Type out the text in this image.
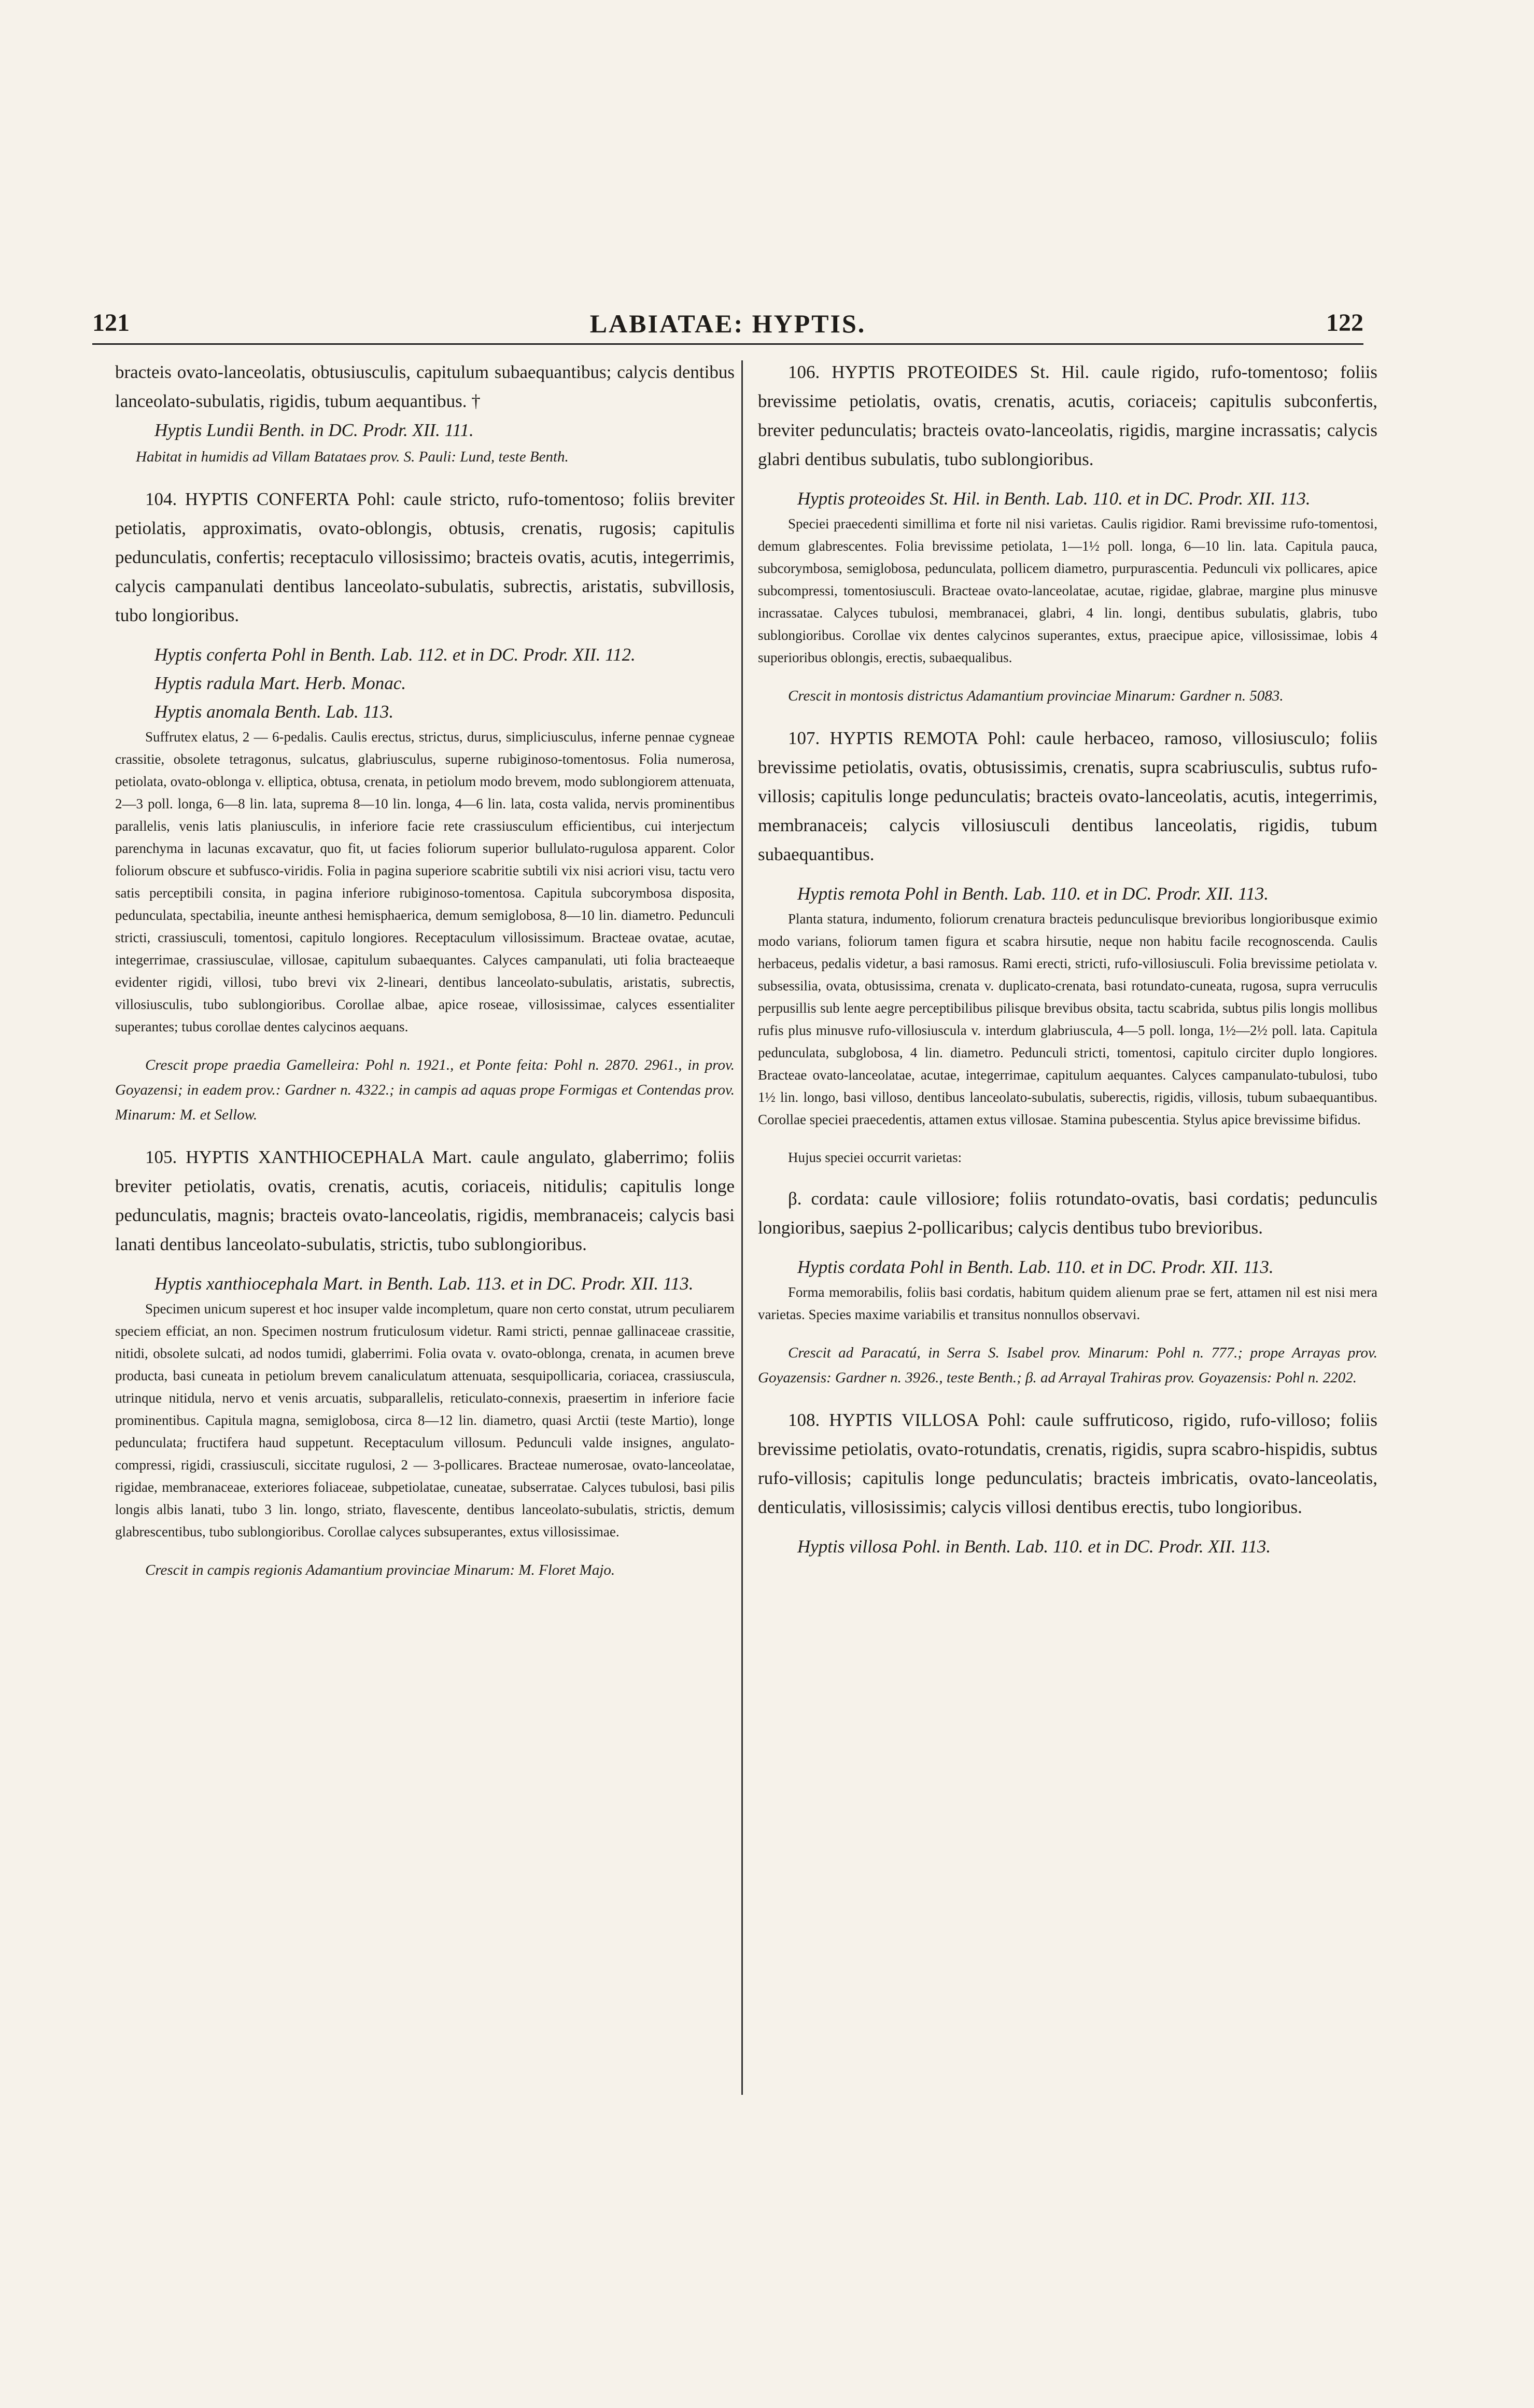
121	LABIATAE: HYPTIS.	122

bracteis ovato-lanceolatis, obtusiusculis, capitulum subaequantibus; calycis dentibus lanceolato-subulatis, rigidis, tubum aequantibus. †

Hyptis Lundii Benth. in DC. Prodr. XII. 111.

Habitat in humidis ad Villam Batataes prov. S. Pauli: Lund, teste Benth.

104. HYPTIS CONFERTA Pohl: caule stricto, rufo-tomentoso; foliis breviter petiolatis, approximatis, ovato-oblongis, obtusis, crenatis, rugosis; capitulis pedunculatis, confertis; receptaculo villosissimo; bracteis ovatis, acutis, integerrimis, calycis campanulati dentibus lanceolato-subulatis, subrectis, aristatis, subvillosis, tubo longioribus.

Hyptis conferta Pohl in Benth. Lab. 112. et in DC. Prodr. XII. 112.

Hyptis radula Mart. Herb. Monac.

Hyptis anomala Benth. Lab. 113.

Suffrutex elatus, 2 — 6-pedalis. Caulis erectus, strictus, durus, simpliciusculus, inferne pennae cygneae crassitie, obsolete tetragonus, sulcatus, glabriusculus, superne rubiginoso-tomentosus. Folia numerosa, petiolata, ovato-oblonga v. elliptica, obtusa, crenata, in petiolum modo brevem, modo sublongiorem attenuata, 2—3 poll. longa, 6—8 lin. lata, suprema 8—10 lin. longa, 4—6 lin. lata, costa valida, nervis prominentibus parallelis, venis latis planiusculis, in inferiore facie rete crassiusculum efficientibus, cui interjectum parenchyma in lacunas excavatur, quo fit, ut facies foliorum superior bullulato-rugulosa apparent. Color foliorum obscure et subfusco-viridis. Folia in pagina superiore scabritie subtili vix nisi acriori visu, tactu vero satis perceptibili consita, in pagina inferiore rubiginoso-tomentosa. Capitula subcorymbosa disposita, pedunculata, spectabilia, ineunte anthesi hemisphaerica, demum semiglobosa, 8—10 lin. diametro. Pedunculi stricti, crassiusculi, tomentosi, capitulo longiores. Receptaculum villosissimum. Bracteae ovatae, acutae, integerrimae, crassiusculae, villosae, capitulum subaequantes. Calyces campanulati, uti folia bracteaeque evidenter rigidi, villosi, tubo brevi vix 2-lineari, dentibus lanceolato-subulatis, aristatis, subrectis, villosiusculis, tubo sublongioribus. Corollae albae, apice roseae, villosissimae, calyces essentialiter superantes; tubus corollae dentes calycinos aequans.

Crescit prope praedia Gamelleira: Pohl n. 1921., et Ponte feita: Pohl n. 2870. 2961., in prov. Goyazensi; in eadem prov.: Gardner n. 4322.; in campis ad aquas prope Formigas et Contendas prov. Minarum: M. et Sellow.

105. HYPTIS XANTHIOCEPHALA Mart. caule angulato, glaberrimo; foliis breviter petiolatis, ovatis, crenatis, acutis, coriaceis, nitidulis; capitulis longe pedunculatis, magnis; bracteis ovato-lanceolatis, rigidis, membranaceis; calycis basi lanati dentibus lanceolato-subulatis, strictis, tubo sublongioribus.

Hyptis xanthiocephala Mart. in Benth. Lab. 113. et in DC. Prodr. XII. 113.

Specimen unicum superest et hoc insuper valde incompletum, quare non certo constat, utrum peculiarem speciem efficiat, an non. Specimen nostrum fruticulosum videtur. Rami stricti, pennae gallinaceae crassitie, nitidi, obsolete sulcati, ad nodos tumidi, glaberrimi. Folia ovata v. ovato-oblonga, crenata, in acumen breve producta, basi cuneata in petiolum brevem canaliculatum attenuata, sesquipollicaria, coriacea, crassiuscula, utrinque nitidula, nervo et venis arcuatis, subparallelis, reticulato-connexis, praesertim in inferiore facie prominentibus. Capitula magna, semiglobosa, circa 8—12 lin. diametro, quasi Arctii (teste Martio), longe pedunculata; fructifera haud suppetunt. Receptaculum villosum. Pedunculi valde insignes, angulato-compressi, rigidi, crassiusculi, siccitate rugulosi, 2 — 3-pollicares. Bracteae numerosae, ovato-lanceolatae, rigidae, membranaceae, exteriores foliaceae, subpetiolatae, cuneatae, subserratae. Calyces tubulosi, basi pilis longis albis lanati, tubo 3 lin. longo, striato, flavescente, dentibus lanceolato-subulatis, strictis, demum glabrescentibus, tubo sublongioribus. Corollae calyces subsuperantes, extus villosissimae.

Crescit in campis regionis Adamantium provinciae Minarum: M. Floret Majo.

106. HYPTIS PROTEOIDES St. Hil. caule rigido, rufo-tomentoso; foliis brevissime petiolatis, ovatis, crenatis, acutis, coriaceis; capitulis subconfertis, breviter pedunculatis; bracteis ovato-lanceolatis, rigidis, margine incrassatis; calycis glabri dentibus subulatis, tubo sublongioribus.

Hyptis proteoides St. Hil. in Benth. Lab. 110. et in DC. Prodr. XII. 113.

Speciei praecedenti simillima et forte nil nisi varietas. Caulis rigidior. Rami brevissime rufo-tomentosi, demum glabrescentes. Folia brevissime petiolata, 1—1½ poll. longa, 6—10 lin. lata. Capitula pauca, subcorymbosa, semiglobosa, pedunculata, pollicem diametro, purpurascentia. Pedunculi vix pollicares, apice subcompressi, tomentosiusculi. Bracteae ovato-lanceolatae, acutae, rigidae, glabrae, margine plus minusve incrassatae. Calyces tubulosi, membranacei, glabri, 4 lin. longi, dentibus subulatis, glabris, tubo sublongioribus. Corollae vix dentes calycinos superantes, extus, praecipue apice, villosissimae, lobis 4 superioribus oblongis, erectis, subaequalibus.

Crescit in montosis districtus Adamantium provinciae Minarum: Gardner n. 5083.

107. HYPTIS REMOTA Pohl: caule herbaceo, ramoso, villosiusculo; foliis brevissime petiolatis, ovatis, obtusissimis, crenatis, supra scabriusculis, subtus rufo-villosis; capitulis longe pedunculatis; bracteis ovato-lanceolatis, acutis, integerrimis, membranaceis; calycis villosiusculi dentibus lanceolatis, rigidis, tubum subaequantibus.

Hyptis remota Pohl in Benth. Lab. 110. et in DC. Prodr. XII. 113.

Planta statura, indumento, foliorum crenatura bracteis pedunculisque brevioribus longioribusque eximio modo varians, foliorum tamen figura et scabra hirsutie, neque non habitu facile recognoscenda. Caulis herbaceus, pedalis videtur, a basi ramosus. Rami erecti, stricti, rufo-villosiusculi. Folia brevissime petiolata v. subsessilia, ovata, obtusissima, crenata v. duplicato-crenata, basi rotundato-cuneata, rugosa, supra verruculis perpusillis sub lente aegre perceptibilibus pilisque brevibus obsita, tactu scabrida, subtus pilis longis mollibus rufis plus minusve rufo-villosiuscula v. interdum glabriuscula, 4—5 poll. longa, 1½—2½ poll. lata. Capitula pedunculata, subglobosa, 4 lin. diametro. Pedunculi stricti, tomentosi, capitulo circiter duplo longiores. Bracteae ovato-lanceolatae, acutae, integerrimae, capitulum aequantes. Calyces campanulato-tubulosi, tubo 1½ lin. longo, basi villoso, dentibus lanceolato-subulatis, suberectis, rigidis, villosis, tubum subaequantibus. Corollae speciei praecedentis, attamen extus villosae. Stamina pubescentia. Stylus apice brevissime bifidus.

Hujus speciei occurrit varietas:

β. cordata: caule villosiore; foliis rotundato-ovatis, basi cordatis; pedunculis longioribus, saepius 2-pollicaribus; calycis dentibus tubo brevioribus.

Hyptis cordata Pohl in Benth. Lab. 110. et in DC. Prodr. XII. 113.

Forma memorabilis, foliis basi cordatis, habitum quidem alienum prae se fert, attamen nil est nisi mera varietas. Species maxime variabilis et transitus nonnullos observavi.

Crescit ad Paracatú, in Serra S. Isabel prov. Minarum: Pohl n. 777.; prope Arrayas prov. Goyazensis: Gardner n. 3926., teste Benth.; β. ad Arrayal Trahiras prov. Goyazensis: Pohl n. 2202.

108. HYPTIS VILLOSA Pohl: caule suffruticoso, rigido, rufo-villoso; foliis brevissime petiolatis, ovato-rotundatis, crenatis, rigidis, supra scabro-hispidis, subtus rufo-villosis; capitulis longe pedunculatis; bracteis imbricatis, ovato-lanceolatis, denticulatis, villosissimis; calycis villosi dentibus erectis, tubo longioribus.

Hyptis villosa Pohl. in Benth. Lab. 110. et in DC. Prodr. XII. 113.
